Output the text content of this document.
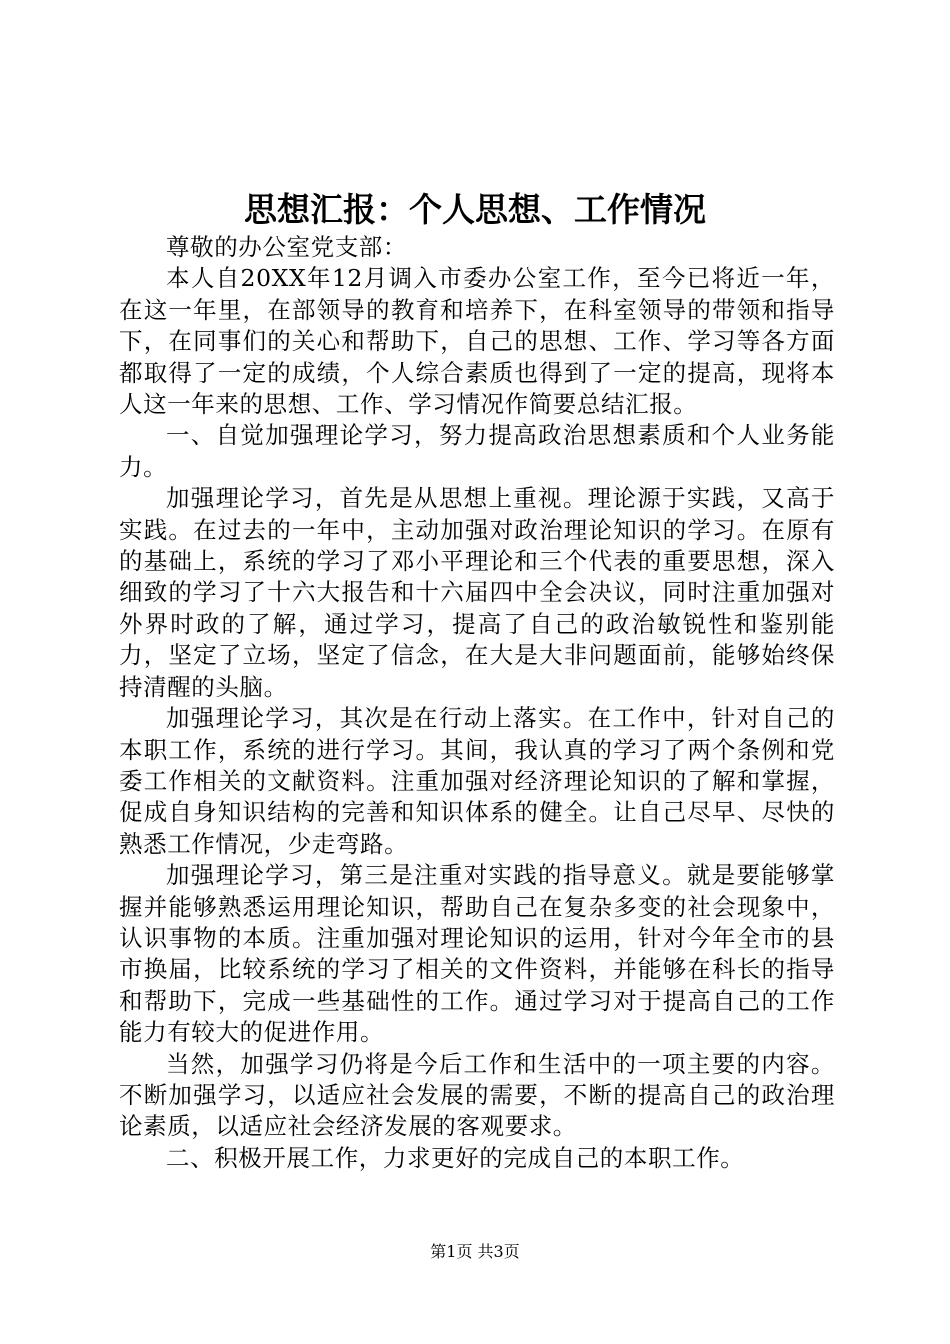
思想汇报：个人思想、工作情况

尊敬的办公室党支部：

本人自20XX年12月调入市委办公室工作，至今已将近一年，在这一年里，在部领导的教育和培养下，在科室领导的带领和指导下，在同事们的关心和帮助下，自己的思想、工作、学习等各方面都取得了一定的成绩，个人综合素质也得到了一定的提高，现将本人这一年来的思想、工作、学习情况作简要总结汇报。

一、自觉加强理论学习，努力提高政治思想素质和个人业务能力。

加强理论学习，首先是从思想上重视。理论源于实践，又高于实践。在过去的一年中，主动加强对政治理论知识的学习。在原有的基础上，系统的学习了邓小平理论和三个代表的重要思想，深入细致的学习了十六大报告和十六届四中全会决议，同时注重加强对外界时政的了解，通过学习，提高了自己的政治敏锐性和鉴别能力，坚定了立场，坚定了信念，在大是大非问题面前，能够始终保持清醒的头脑。

加强理论学习，其次是在行动上落实。在工作中，针对自己的本职工作，系统的进行学习。其间，我认真的学习了两个条例和党委工作相关的文献资料。注重加强对经济理论知识的了解和掌握，促成自身知识结构的完善和知识体系的健全。让自己尽早、尽快的熟悉工作情况，少走弯路。

加强理论学习，第三是注重对实践的指导意义。就是要能够掌握并能够熟悉运用理论知识，帮助自己在复杂多变的社会现象中，认识事物的本质。注重加强对理论知识的运用，针对今年全市的县市换届，比较系统的学习了相关的文件资料，并能够在科长的指导和帮助下，完成一些基础性的工作。通过学习对于提高自己的工作能力有较大的促进作用。

当然，加强学习仍将是今后工作和生活中的一项主要的内容。不断加强学习，以适应社会发展的需要，不断的提高自己的政治理论素质，以适应社会经济发展的客观要求。

二、积极开展工作，力求更好的完成自己的本职工作。

第1页 共3页
